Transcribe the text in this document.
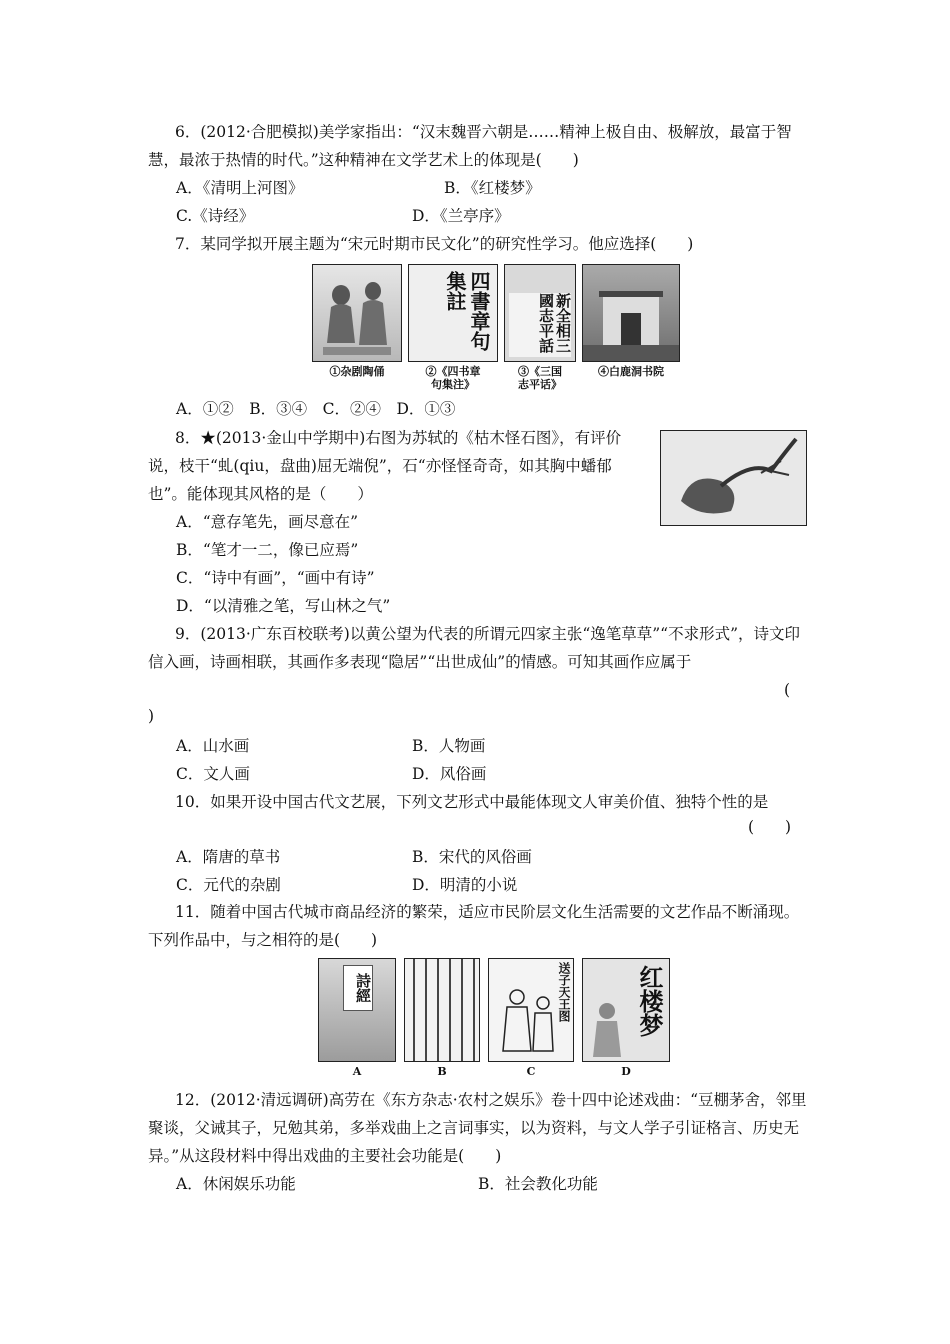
6．(2012·合肥模拟)美学家指出：“汉末魏晋六朝是……精神上极自由、极解放，最富于智慧，最浓于热情的时代。”这种精神在文学艺术上的体现是(　　)
A．《清明上河图》	B．《红楼梦》
C.《诗经》	D．《兰亭序》
7．某同学拟开展主题为“宋元时期市民文化”的研究性学习。他应选择(　　)
①杂剧陶俑
四書章句
集註
②《四书章
句集注》
新全相三
國志平話
③《三国
志平话》
④白鹿洞书院
A．①②　B．③④　C．②④　D．①③
8．★(2013·金山中学期中)右图为苏轼的《枯木怪石图》，有评价说，枝干“虬(qiu，盘曲)屈无端倪”，石“亦怪怪奇奇，如其胸中蟠郁也”。能体现其风格的是（　　）
A．“意存笔先，画尽意在”
B．“笔才一二，像已应焉”
C．“诗中有画”，“画中有诗”
D．“以清雅之笔，写山林之气”
9．(2013·广东百校联考)以黄公望为代表的所谓元四家主张“逸笔草草”“不求形式”，诗文印信入画，诗画相联，其画作多表现“隐居”“出世成仙”的情感。可知其画作应属于
(
)
A．山水画	B．人物画
C．文人画	D．风俗画
10．如果开设中国古代文艺展，下列文艺形式中最能体现文人审美价值、独特个性的是
(　　)
A．隋唐的草书	B．宋代的风俗画
C．元代的杂剧	D．明清的小说
11．随着中国古代城市商品经济的繁荣，适应市民阶层文化生活需要的文艺作品不断涌现。下列作品中，与之相符的是(　　)
詩經
A	B
送子天王图
C
红楼梦
D
12．(2012·清远调研)高劳在《东方杂志·农村之娱乐》卷十四中论述戏曲：“豆棚茅舍，邻里聚谈，父诫其子，兄勉其弟，多举戏曲上之言词事实，以为资料，与文人学子引证格言、历史无异。”从这段材料中得出戏曲的主要社会功能是(　　)
A．休闲娱乐功能	B．社会教化功能
